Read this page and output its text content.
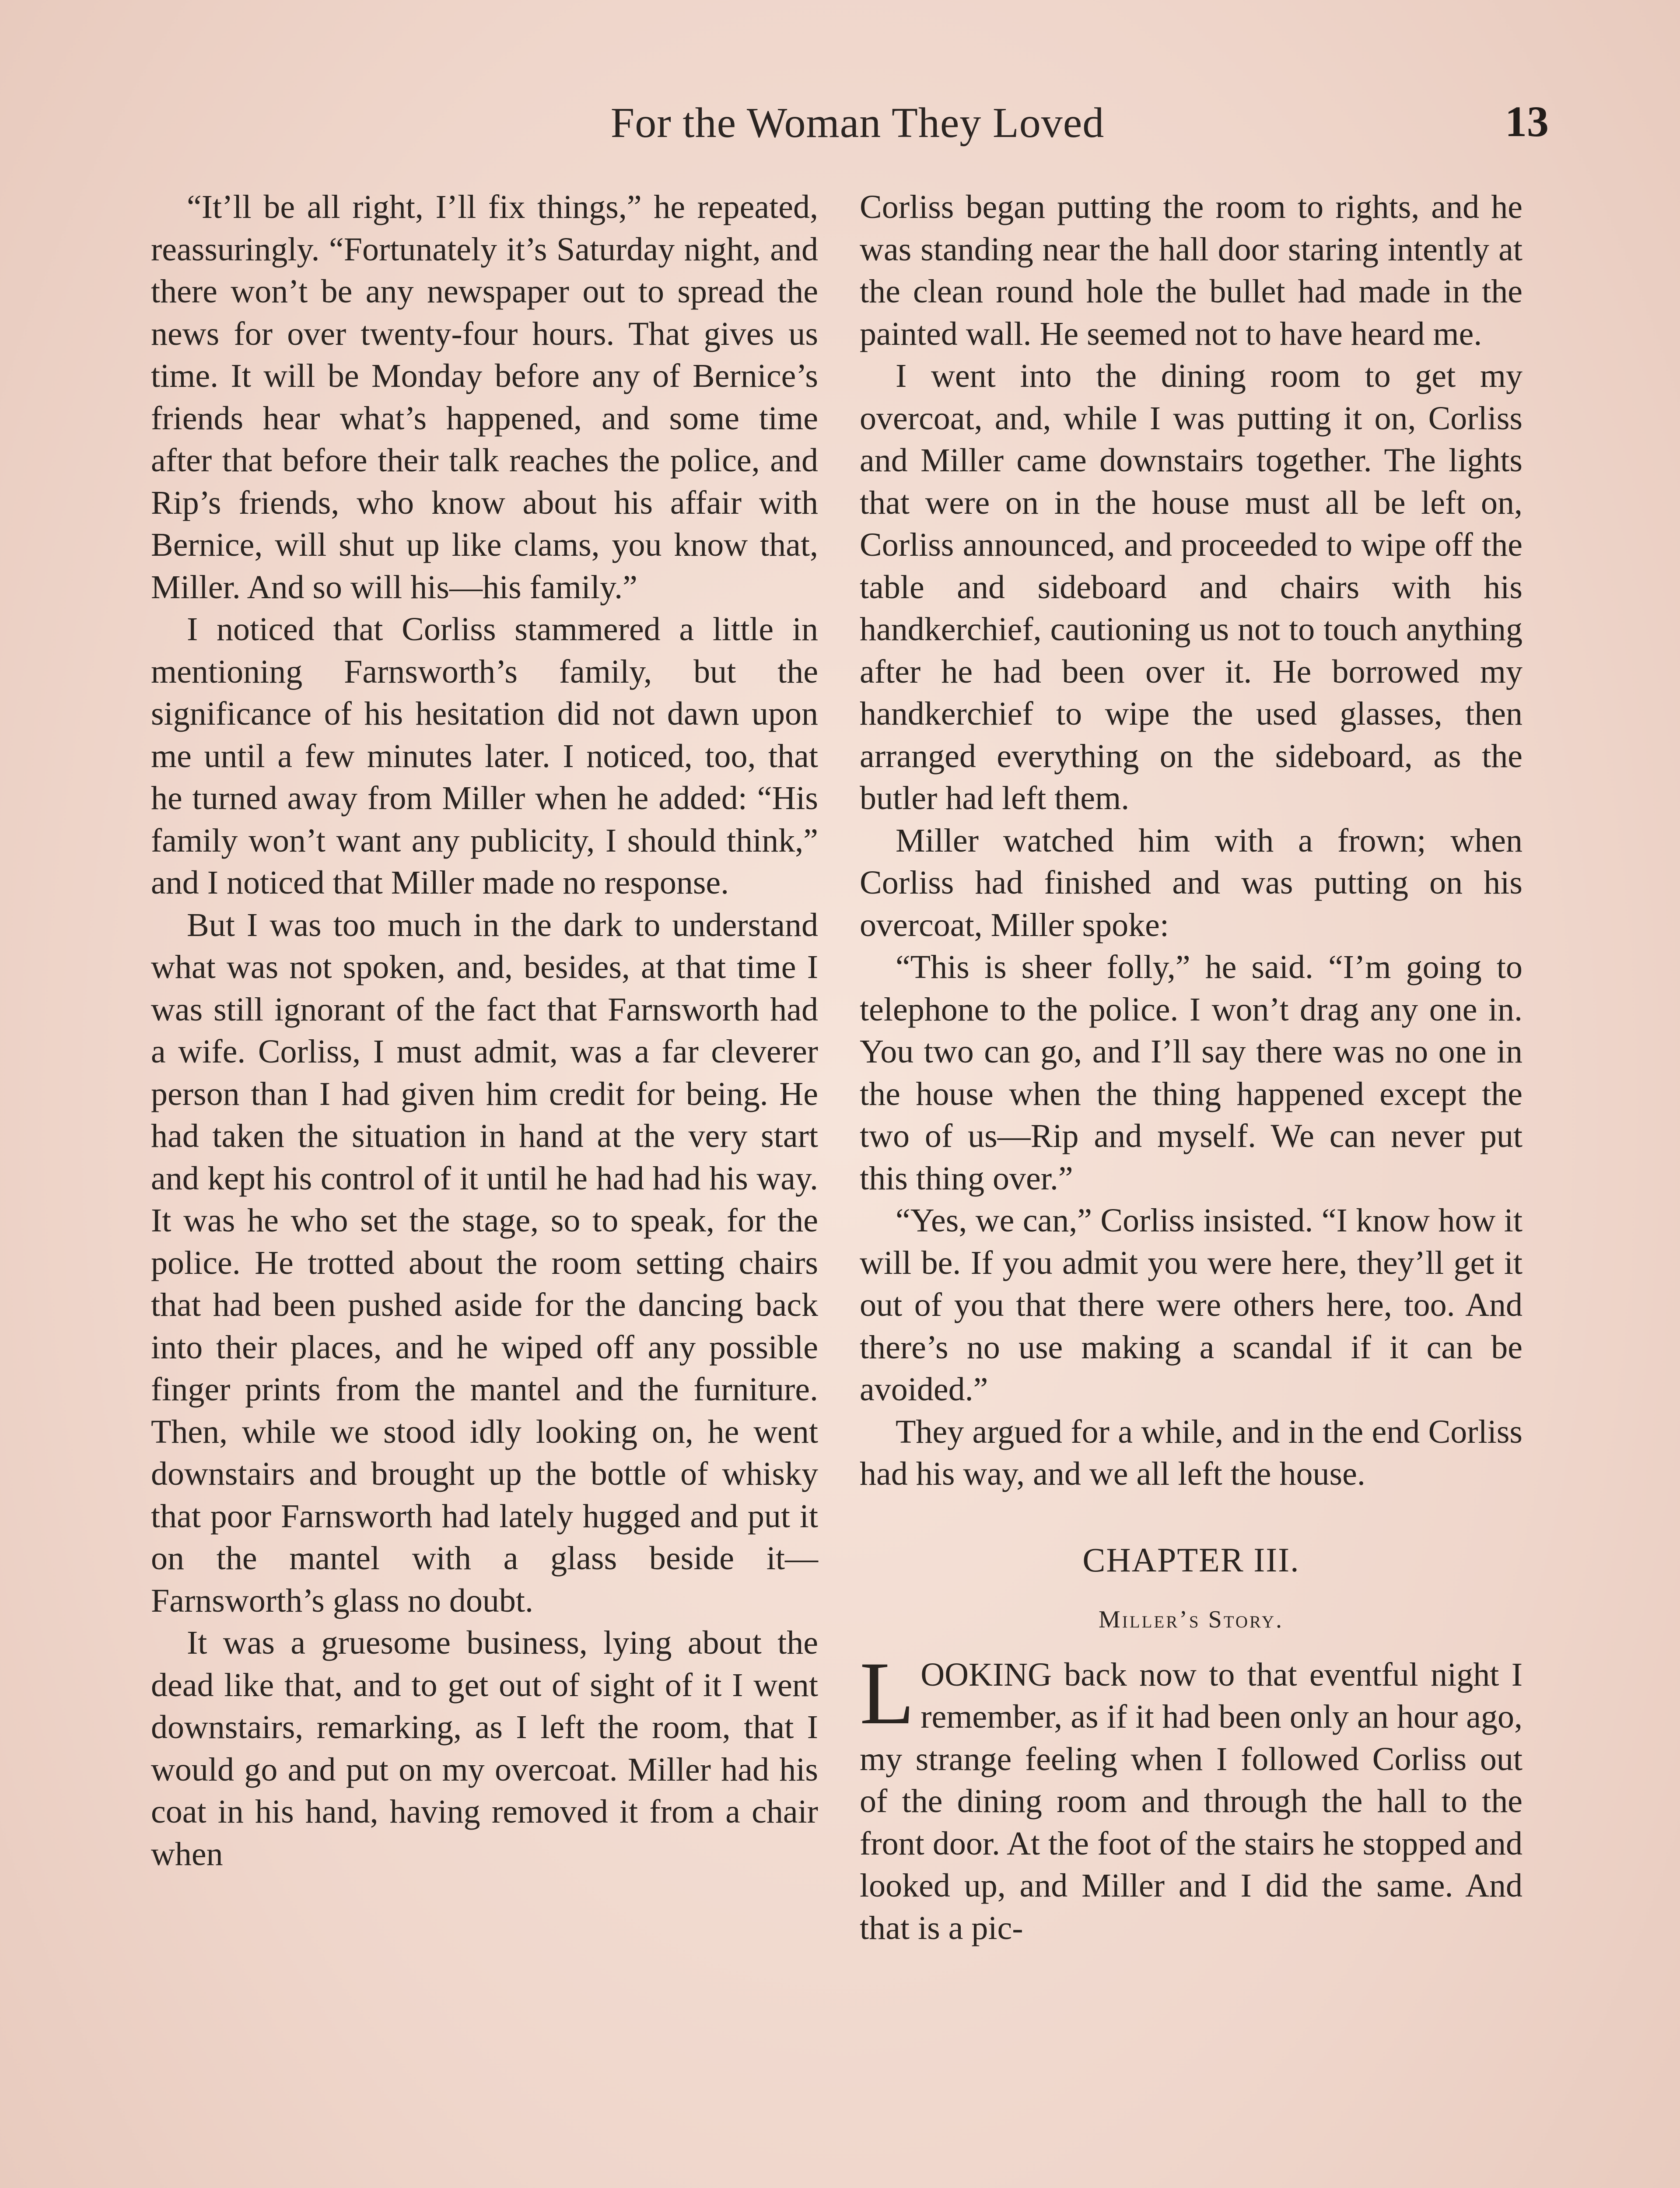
For the Woman They Loved	13

“It’ll be all right, I’ll fix things,” he repeated, reassuringly. “Fortunately it’s Saturday night, and there won’t be any newspaper out to spread the news for over twenty-four hours. That gives us time. It will be Monday before any of Bernice’s friends hear what’s happened, and some time after that before their talk reaches the police, and Rip’s friends, who know about his affair with Bernice, will shut up like clams, you know that, Miller. And so will his—his family.”

I noticed that Corliss stammered a little in mentioning Farnsworth’s family, but the significance of his hesitation did not dawn upon me until a few minutes later. I noticed, too, that he turned away from Miller when he added: “His family won’t want any publicity, I should think,” and I noticed that Miller made no response.

But I was too much in the dark to understand what was not spoken, and, besides, at that time I was still ignorant of the fact that Farnsworth had a wife. Corliss, I must admit, was a far cleverer person than I had given him credit for being. He had taken the situation in hand at the very start and kept his control of it until he had had his way. It was he who set the stage, so to speak, for the police. He trotted about the room setting chairs that had been pushed aside for the dancing back into their places, and he wiped off any possible finger prints from the mantel and the furniture. Then, while we stood idly looking on, he went downstairs and brought up the bottle of whisky that poor Farnsworth had lately hugged and put it on the mantel with a glass beside it—Farnsworth’s glass no doubt.

It was a gruesome business, lying about the dead like that, and to get out of sight of it I went downstairs, remarking, as I left the room, that I would go and put on my overcoat. Miller had his coat in his hand, having removed it from a chair when

Corliss began putting the room to rights, and he was standing near the hall door staring intently at the clean round hole the bullet had made in the painted wall. He seemed not to have heard me.

I went into the dining room to get my overcoat, and, while I was putting it on, Corliss and Miller came downstairs together. The lights that were on in the house must all be left on, Corliss announced, and proceeded to wipe off the table and sideboard and chairs with his handkerchief, cautioning us not to touch anything after he had been over it. He borrowed my handkerchief to wipe the used glasses, then arranged everything on the sideboard, as the butler had left them.

Miller watched him with a frown; when Corliss had finished and was putting on his overcoat, Miller spoke:

“This is sheer folly,” he said. “I’m going to telephone to the police. I won’t drag any one in. You two can go, and I’ll say there was no one in the house when the thing happened except the two of us—Rip and myself. We can never put this thing over.”

“Yes, we can,” Corliss insisted. “I know how it will be. If you admit you were here, they’ll get it out of you that there were others here, too. And there’s no use making a scandal if it can be avoided.”

They argued for a while, and in the end Corliss had his way, and we all left the house.

CHAPTER III.
Miller’s Story.

LOOKING back now to that eventful night I remember, as if it had been only an hour ago, my strange feeling when I followed Corliss out of the dining room and through the hall to the front door. At the foot of the stairs he stopped and looked up, and Miller and I did the same. And that is a pic-
